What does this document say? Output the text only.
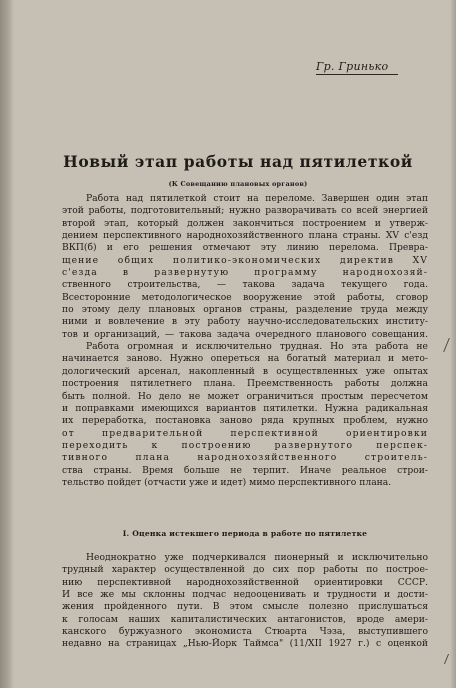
Гр. Гринько
Новый этап работы над пятилеткой
(К Совещанию плановых органов)
Работа над пятилеткой стоит на переломе. Завершен один этап
этой работы, подготовительный; нужно разворачивать со всей энергией
второй этап, который должен закончиться построением и утверж-
дением перспективного народнохозяйственного плана страны. XV с'езд
ВКП(б) и его решения отмечают эту линию перелома. Превра-
щение общих политико-экономических директив XV
с'езда в развернутую программу народнохозяй-
ственного строительства, — такова задача текущего года.
Всесторонние методологическое вооружение этой работы, сговор
по этому делу плановых органов страны, разделение труда между
ними и вовлечение в эту работу научно-исследовательских институ-
тов и организаций, — такова задача очередного планового совещания.
Работа огромная и исключительно трудная. Но эта работа не
начинается заново. Нужно опереться на богатый материал и мето-
дологический арсенал, накопленный в осуществленных уже опытах
построения пятилетнего плана. Преемственность работы должна
быть полной. Но дело не может ограничиться простым пересчетом
и поправками имеющихся вариантов пятилетки. Нужна радикальная
их переработка, постановка заново ряда крупных проблем, нужно
от предварительной перспективной ориентировки
переходить к построению развернутого перспек-
тивного плана народнохозяйственного строитель-
ства страны. Время больше не терпит. Иначе реальное строи-
тельство пойдет (отчасти уже и идет) мимо перспективного плана.
I. Оценка истекшего периода в работе по пятилетке
Неоднократно уже подчеркивался пионерный и исключительно
трудный характер осуществленной до сих пор работы по построе-
нию перспективной народнохозяйственной ориентировки СССР.
И все же мы склонны подчас недооценивать и трудности и дости-
жения пройденного пути. В этом смысле полезно прислушаться
к голосам наших капиталистических антагонистов, вроде амери-
канского буржуазного экономиста Стюарта Чэза, выступившего
недавно на страницах „Нью-Йорк Таймса" (11/XII 1927 г.) с оценкой
